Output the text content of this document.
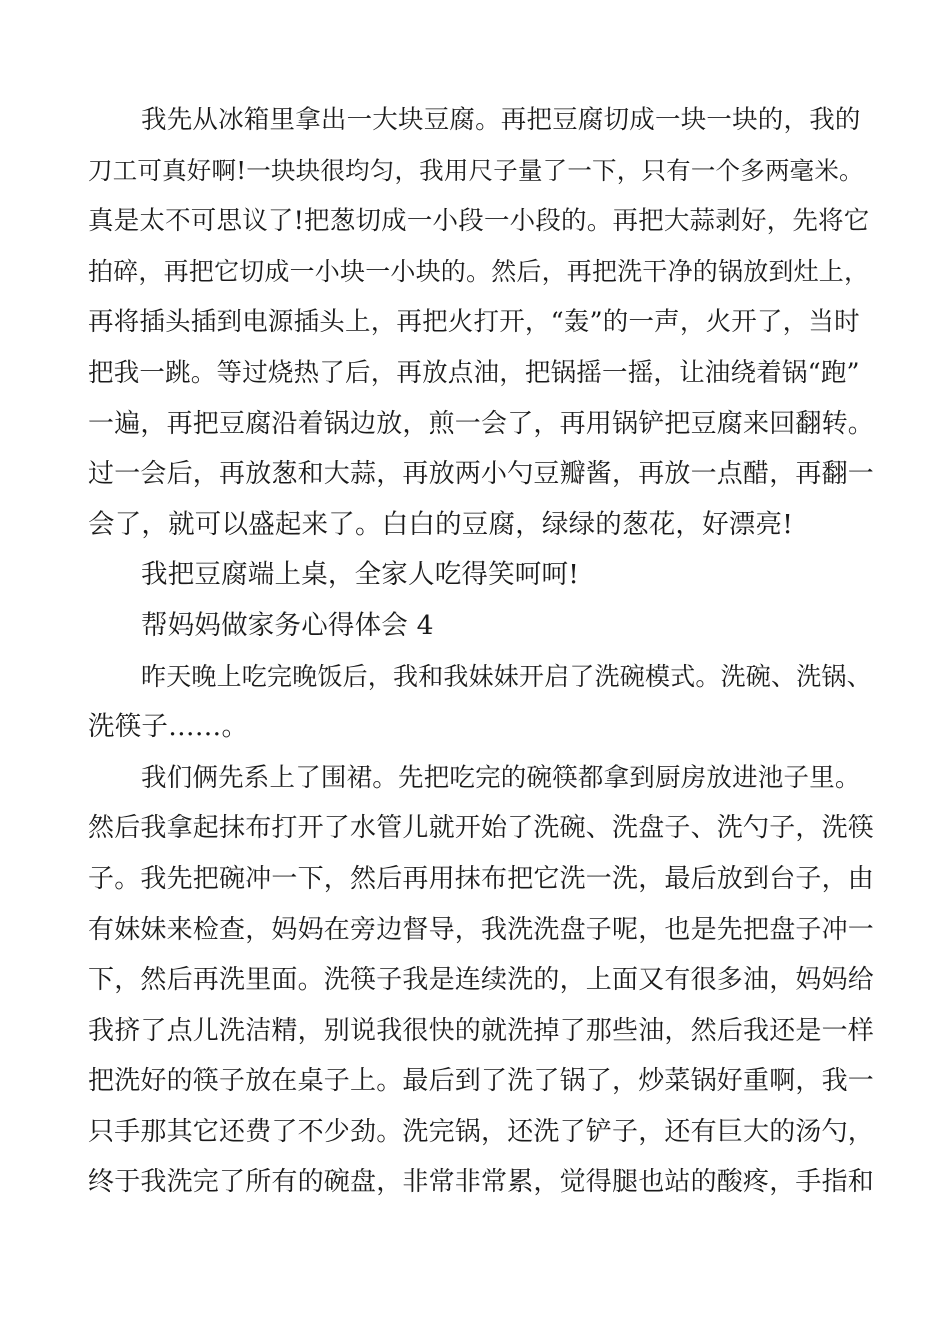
我先从冰箱里拿出一大块豆腐。再把豆腐切成一块一块的，我的
刀工可真好啊!一块块很均匀，我用尺子量了一下，只有一个多两毫米。
真是太不可思议了!把葱切成一小段一小段的。再把大蒜剥好，先将它
拍碎，再把它切成一小块一小块的。然后，再把洗干净的锅放到灶上，
再将插头插到电源插头上，再把火打开，“轰”的一声，火开了，当时
把我一跳。等过烧热了后，再放点油，把锅摇一摇，让油绕着锅“跑”
一遍，再把豆腐沿着锅边放，煎一会了，再用锅铲把豆腐来回翻转。
过一会后，再放葱和大蒜，再放两小勺豆瓣酱，再放一点醋，再翻一
会了，就可以盛起来了。白白的豆腐，绿绿的葱花，好漂亮!
我把豆腐端上桌，全家人吃得笑呵呵!
帮妈妈做家务心得体会 4
昨天晚上吃完晚饭后，我和我妹妹开启了洗碗模式。洗碗、洗锅、
洗筷子……。
我们俩先系上了围裙。先把吃完的碗筷都拿到厨房放进池子里。
然后我拿起抹布打开了水管儿就开始了洗碗、洗盘子、洗勺子，洗筷
子。我先把碗冲一下，然后再用抹布把它洗一洗，最后放到台子，由
有妹妹来检查，妈妈在旁边督导，我洗洗盘子呢，也是先把盘子冲一
下，然后再洗里面。洗筷子我是连续洗的，上面又有很多油，妈妈给
我挤了点儿洗洁精，别说我很快的就洗掉了那些油，然后我还是一样
把洗好的筷子放在桌子上。最后到了洗了锅了，炒菜锅好重啊，我一
只手那其它还费了不少劲。洗完锅，还洗了铲子，还有巨大的汤勺，
终于我洗完了所有的碗盘，非常非常累，觉得腿也站的酸疼，手指和
